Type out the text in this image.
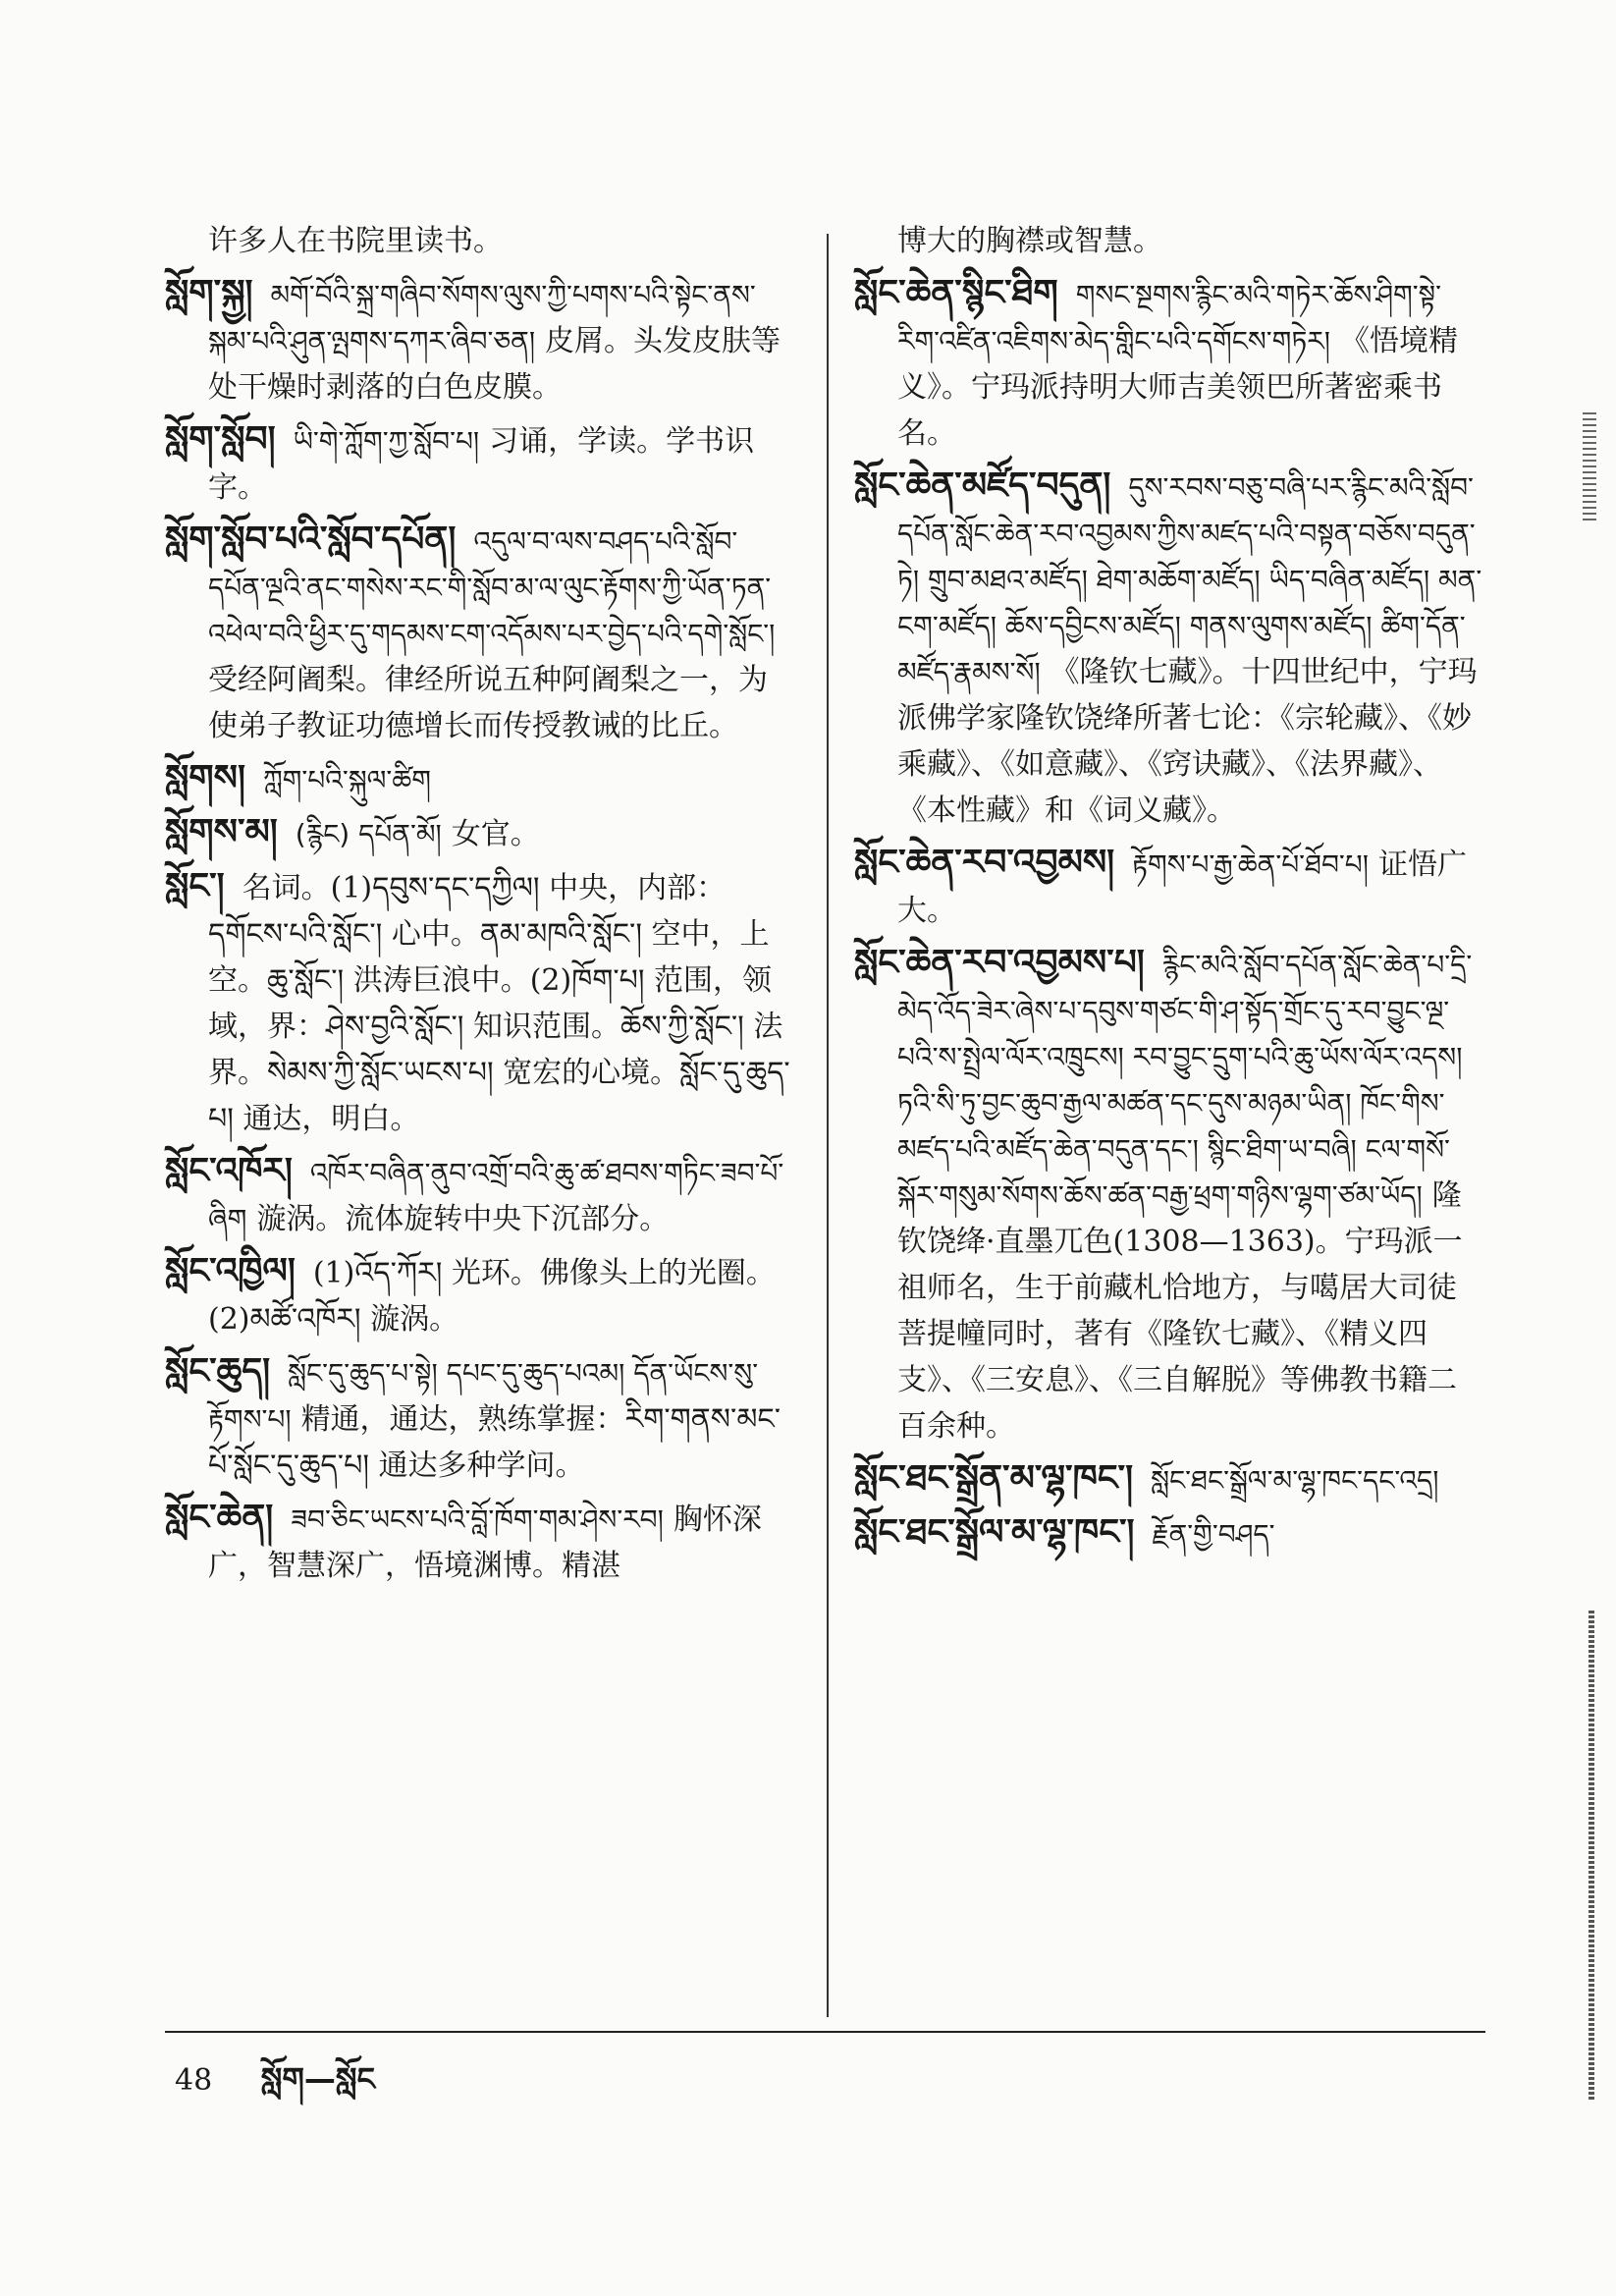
许多人在书院里读书。

སློག་སྐྱ། མགོ་བོའི་སྐྲ་གཞིབ་སོགས་ལུས་ཀྱི་པགས་པའི་སྟེང་ནས་སྐམ་པའི་ཤུན་ལྤགས་དཀར་ཞིབ་ཅན། 皮屑。头发皮肤等处干燥时剥落的白色皮膜。

སློག་སློབ། ཡི་གེ་ཀློག་ཀྱ་སློབ་པ། 习诵，学读。学书识字。

སློག་སློབ་པའི་སློབ་དཔོན། འདུལ་བ་ལས་བཤད་པའི་སློབ་དཔོན་ལྔའི་ནང་གསེས་རང་གི་སློབ་མ་ལ་ལུང་རྟོགས་ཀྱི་ཡོན་ཏན་འཕེལ་བའི་ཕྱིར་དུ་གདམས་ངག་འདོམས་པར་བྱེད་པའི་དགེ་སློང་།受经阿阇梨。律经所说五种阿阇梨之一，为使弟子教证功德增长而传授教诫的比丘。

སློགས། ཀློག་པའི་སྐུལ་ཚིག

སློགས་མ། (རྙིང) དཔོན་མོ། 女官。

སློང་། 名词。(1)དབུས་དང་དཀྱིལ། 中央，内部：དགོངས་པའི་སློང་། 心中。ནམ་མཁའི་སློང་། 空中，上空。ཆུ་སློང་། 洪涛巨浪中。(2)ཁོག་པ། 范围，领域，界：ཤེས་བྱའི་སློང་། 知识范围。ཆོས་ཀྱི་སློང་། 法界。སེམས་ཀྱི་སློང་ཡངས་པ། 宽宏的心境。སློང་དུ་ཆུད་པ། 通达，明白。

སློང་འཁོར། འཁོར་བཞིན་ནུབ་འགྲོ་བའི་ཆུ་ཚ་ཐབས་གཏིང་ཟབ་པོ་ཞིག 漩涡。流体旋转中央下沉部分。

སློང་འཁྱིལ། (1)འོད་ཀོར། 光环。佛像头上的光圈。(2)མཚོ་འཁོར། 漩涡。

སློང་ཆུད། སློང་དུ་ཆུད་པ་སྟེ། དཔང་དུ་ཆུད་པའམ། དོན་ཡོངས་སུ་རྟོགས་པ། 精通，通达，熟练掌握：རིག་གནས་མང་པོ་སློང་དུ་ཆུད་པ། 通达多种学问。

སློང་ཆེན། ཟབ་ཅིང་ཡངས་པའི་བློ་ཁོག་གམ་ཤེས་རབ། 胸怀深广，智慧深广，悟境渊博。精湛

博大的胸襟或智慧。

སློང་ཆེན་སྙིང་ཐིག གསང་སྔགས་རྙིང་མའི་གཏེར་ཆོས་ཤིག་སྟེ་རིག་འཛིན་འཇིགས་མེད་གླིང་པའི་དགོངས་གཏེར། 《悟境精义》。宁玛派持明大师吉美领巴所著密乘书名。

སློང་ཆེན་མཛོད་བདུན། དུས་རབས་བཅུ་བཞི་པར་རྙིང་མའི་སློབ་དཔོན་སློང་ཆེན་རབ་འབྱམས་ཀྱིས་མཛད་པའི་བསྟན་བཅོས་བདུན་ཏེ། གྲུབ་མཐའ་མཛོད། ཐེག་མཆོག་མཛོད། ཡིད་བཞིན་མཛོད། མན་ངག་མཛོད། ཆོས་དབྱིངས་མཛོད། གནས་ལུགས་མཛོད། ཚིག་དོན་མཛོད་རྣམས་སོ། 《隆钦七藏》。十四世纪中，宁玛派佛学家隆钦饶绛所著七论：《宗轮藏》、《妙乘藏》、《如意藏》、《窍诀藏》、《法界藏》、《本性藏》和《词义藏》。

སློང་ཆེན་རབ་འབྱམས། རྟོགས་པ་རྒྱ་ཆེན་པོ་ཐོབ་པ། 证悟广大。

སློང་ཆེན་རབ་འབྱམས་པ། རྙིང་མའི་སློབ་དཔོན་སློང་ཆེན་པ་དྲི་མེད་འོད་ཟེར་ཞེས་པ་དབུས་གཙང་གི་ཤ་སྟོད་གྲོང་དུ་རབ་བྱུང་ལྔ་པའི་ས་སྤྲེལ་ལོར་འཁྲུངས། རབ་བྱུང་དྲུག་པའི་ཆུ་ཡོས་ལོར་འདས། ཏའི་སི་ཏུ་བྱང་ཆུབ་རྒྱལ་མཚན་དང་དུས་མཉམ་ཡིན། ཁོང་གིས་མཛད་པའི་མཛོད་ཆེན་བདུན་དང་། སྙིང་ཐིག་ཡ་བཞི། ངལ་གསོ་སྐོར་གསུམ་སོགས་ཆོས་ཚན་བརྒྱ་ཕྲག་གཉིས་ལྷག་ཙམ་ཡོད། 隆钦饶绛·直墨兀色(1308—1363)。宁玛派一祖师名，生于前藏札恰地方，与噶居大司徒菩提幢同时，著有《隆钦七藏》、《精义四支》、《三安息》、《三自解脱》等佛教书籍二百余种。

སློང་ཐང་སྒྲོན་མ་ལྷ་ཁང་། སློང་ཐང་སྒྲོལ་མ་ལྷ་ཁང་དང་འདྲ།

སློང་ཐང་སྒྲོལ་མ་ལྷ་ཁང་། རྗོན་གྱི་བཤད་

48 སློག—སློང
